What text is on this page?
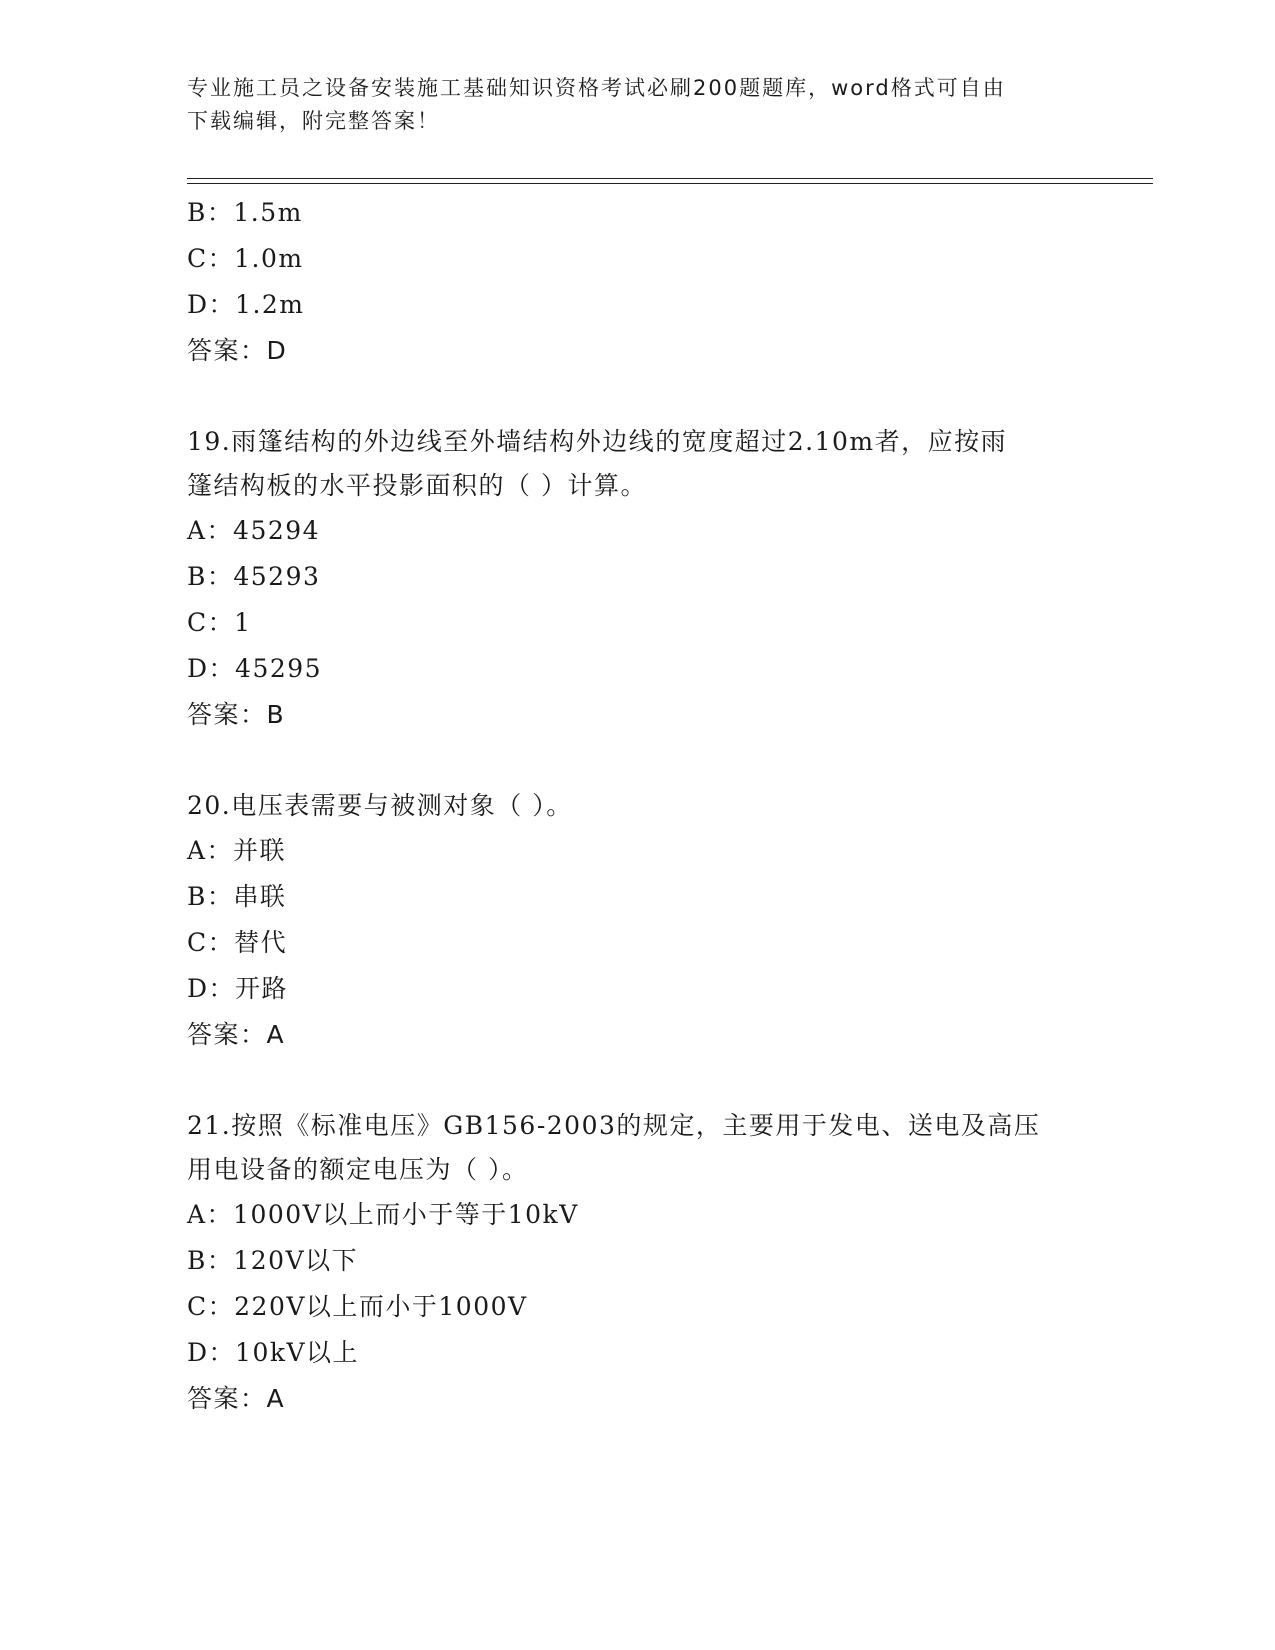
专业施工员之设备安装施工基础知识资格考试必刷200题题库，word格式可自由
下载编辑，附完整答案！
B：1.5m
C：1.0m
D：1.2m
答案：D
19.雨篷结构的外边线至外墙结构外边线的宽度超过2.10m者，应按雨
篷结构板的水平投影面积的（ ）计算。
A：45294
B：45293
C：1
D：45295
答案：B
20.电压表需要与被测对象（ ）。
A：并联
B：串联
C：替代
D：开路
答案：A
21.按照《标准电压》GB156-2003的规定，主要用于发电、送电及高压
用电设备的额定电压为（ ）。
A：1000V以上而小于等于10kV
B：120V以下
C：220V以上而小于1000V
D：10kV以上
答案：A
